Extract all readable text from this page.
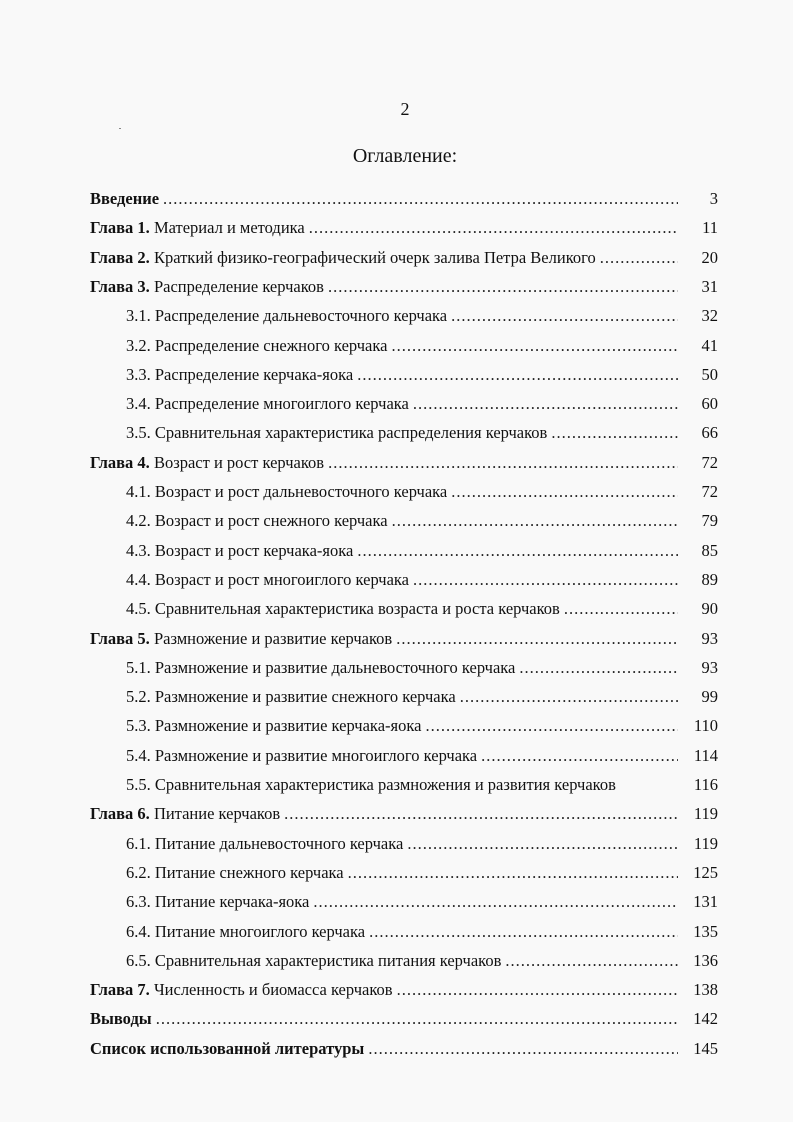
2
Оглавление:
Введение .....	3
Глава 1. Материал и методика .....	11
Глава 2. Краткий физико-географический очерк залива Петра Великого .....	20
Глава 3. Распределение керчаков .....	31
3.1. Распределение дальневосточного керчака .....	32
3.2. Распределение снежного керчака .....	41
3.3. Распределение керчака-яока .....	50
3.4. Распределение многоиглого керчака .....	60
3.5. Сравнительная характеристика распределения керчаков .....	66
Глава 4. Возраст и рост керчаков .....	72
4.1. Возраст и рост дальневосточного керчака .....	72
4.2. Возраст и рост снежного керчака .....	79
4.3. Возраст и рост керчака-яока .....	85
4.4. Возраст и рост многоиглого керчака .....	89
4.5. Сравнительная характеристика возраста и роста керчаков .....	90
Глава 5. Размножение и развитие керчаков .....	93
5.1. Размножение и развитие дальневосточного керчака .....	93
5.2. Размножение и развитие снежного керчака .....	99
5.3. Размножение и развитие керчака-яока .....	110
5.4. Размножение и развитие многоиглого керчака .....	114
5.5. Сравнительная характеристика размножения и развития керчаков	116
Глава 6. Питание керчаков .....	119
6.1. Питание дальневосточного керчака .....	119
6.2. Питание снежного керчака .....	125
6.3. Питание керчака-яока .....	131
6.4. Питание многоиглого керчака .....	135
6.5. Сравнительная характеристика питания керчаков .....	136
Глава 7. Численность и биомасса керчаков .....	138
Выводы .....	142
Список использованной литературы .....	145
